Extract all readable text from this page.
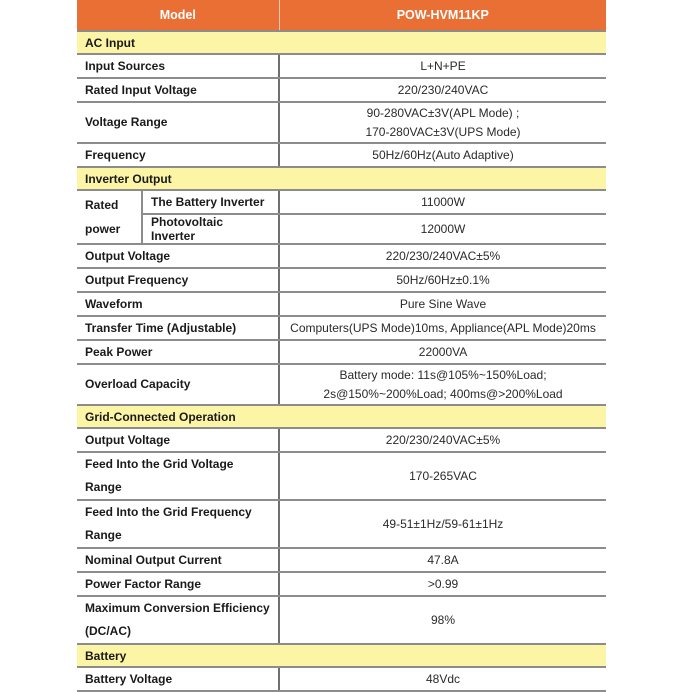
Model		POW-HVM11KP
AC Input		
Input Sources		L+N+PE
Rated Input Voltage		220/230/240VAC
Voltage Range		90-280VAC±3V(APL Mode) ;
170-280VAC±3V(UPS Mode)

Frequency		50Hz/60Hz(Auto Adaptive)
Inverter Output		

Rated
power	The Battery Inverter	11000W
	Photovoltaic Inverter	12000W
Output Voltage		220/230/240VAC±5%
Output Frequency		50Hz/60Hz±0.1%
Waveform		Pure Sine Wave
Transfer Time (Adjustable)		Computers(UPS Mode)10ms, Appliance(APL Mode)20ms
Peak Power		22000VA
Overload Capacity		Battery mode: 11s@105%~150%Load;
2s@150%~200%Load; 400ms@>200%Load

Grid-Connected Operation		
Output Voltage		220/230/240VAC±5%

Feed Into the Grid Voltage
Range		170-265VAC

Feed Into the Grid Frequency
Range		49-51±1Hz/59-61±1Hz
Nominal Output Current		47.8A
Power Factor Range		>0.99

Maximum Conversion Efficiency
(DC/AC)		98%
Battery		
Battery Voltage		48Vdc
